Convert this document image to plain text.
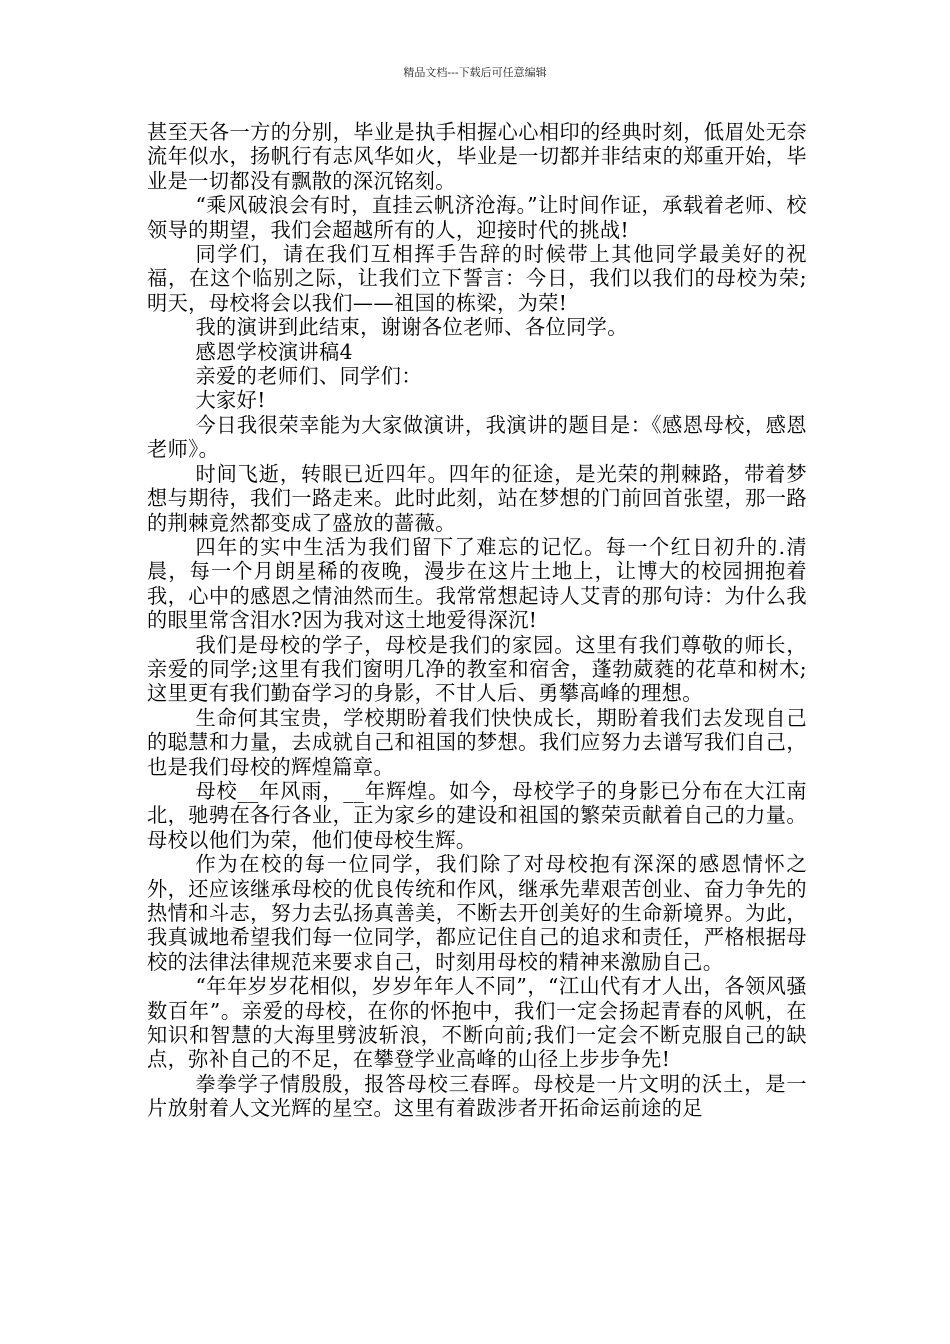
精品文档---下载后可任意编辑

甚至天各一方的分别，毕业是执手相握心心相印的经典时刻，低眉处无奈流年似水，扬帆行有志风华如火，毕业是一切都并非结束的郑重开始，毕业是一切都没有飘散的深沉铭刻。

“乘风破浪会有时，直挂云帆济沧海。”让时间作证，承载着老师、校领导的期望，我们会超越所有的人，迎接时代的挑战!

同学们，请在我们互相挥手告辞的时候带上其他同学最美好的祝福，在这个临别之际，让我们立下誓言：今日，我们以我们的母校为荣;明天，母校将会以我们——祖国的栋梁，为荣!

我的演讲到此结束，谢谢各位老师、各位同学。

感恩学校演讲稿4

亲爱的老师们、同学们：

大家好!

今日我很荣幸能为大家做演讲，我演讲的题目是：《感恩母校，感恩老师》。

时间飞逝，转眼已近四年。四年的征途，是光荣的荆棘路，带着梦想与期待，我们一路走来。此时此刻，站在梦想的门前回首张望，那一路的荆棘竟然都变成了盛放的蔷薇。

四年的实中生活为我们留下了难忘的记忆。每一个红日初升的.清晨，每一个月朗星稀的夜晚，漫步在这片土地上，让博大的校园拥抱着我，心中的感恩之情油然而生。我常常想起诗人艾青的那句诗：为什么我的眼里常含泪水?因为我对这土地爱得深沉!

我们是母校的学子，母校是我们的家园。这里有我们尊敬的师长，亲爱的同学;这里有我们窗明几净的教室和宿舍，蓬勃葳蕤的花草和树木;这里更有我们勤奋学习的身影，不甘人后、勇攀高峰的理想。

生命何其宝贵，学校期盼着我们快快成长，期盼着我们去发现自己的聪慧和力量，去成就自己和祖国的梦想。我们应努力去谱写我们自己，也是我们母校的辉煌篇章。

母校__年风雨，__年辉煌。如今，母校学子的身影已分布在大江南北，驰骋在各行各业，正为家乡的建设和祖国的繁荣贡献着自己的力量。母校以他们为荣，他们使母校生辉。

作为在校的每一位同学，我们除了对母校抱有深深的感恩情怀之外，还应该继承母校的优良传统和作风，继承先辈艰苦创业、奋力争先的热情和斗志，努力去弘扬真善美，不断去开创美好的生命新境界。为此，我真诚地希望我们每一位同学，都应记住自己的追求和责任，严格根据母校的法律法律规范来要求自己，时刻用母校的精神来激励自己。

“年年岁岁花相似，岁岁年年人不同”，“江山代有才人出，各领风骚数百年”。亲爱的母校，在你的怀抱中，我们一定会扬起青春的风帆，在知识和智慧的大海里劈波斩浪，不断向前;我们一定会不断克服自己的缺点，弥补自己的不足，在攀登学业高峰的山径上步步争先!

拳拳学子情殷殷，报答母校三春晖。母校是一片文明的沃土，是一片放射着人文光辉的星空。这里有着跋涉者开拓命运前途的足
